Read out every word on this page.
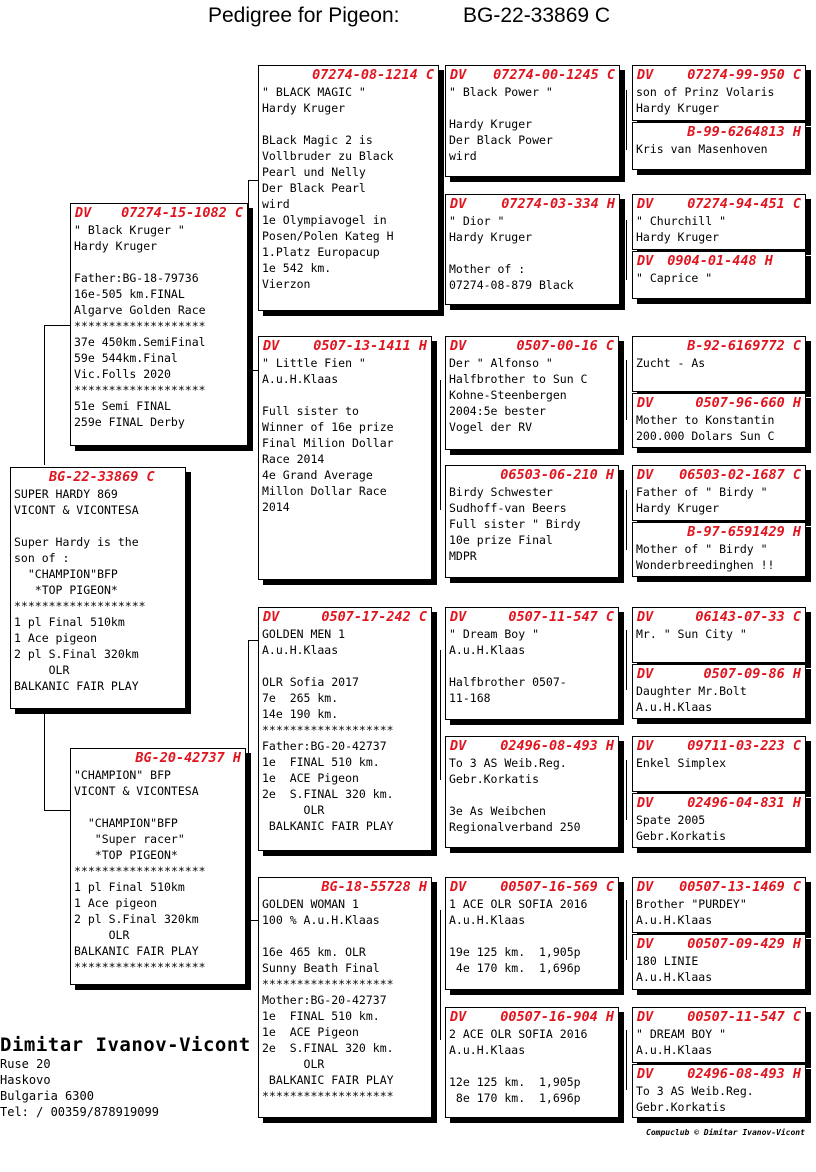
Pedigree for Pigeon:	BG-22-33869 C
BG-22-33869 C
SUPER HARDY 869
VICONT & VICONTESA

Super Hardy is the
son of :
"CHAMPION"BFP
*TOP PIGEON*
*******************
1 pl Final 510km
1 Ace pigeon
2 pl S.Final 320km
OLR
BALKANIC FAIR PLAY
DV 07274-15-1082 C
" Black Kruger "
Hardy Kruger

Father:BG-18-79736
16e-505 km.FINAL
Algarve Golden Race
*******************
37e 450km.SemiFinal
59e 544km.Final
Vic.Folls 2020
*******************
51e Semi FINAL
259e FINAL Derby
BG-20-42737 H
"CHAMPION" BFP
VICONT & VICONTESA

"CHAMPION"BFP
"Super racer"
*TOP PIGEON*
*******************
1 pl Final 510km
1 Ace pigeon
2 pl S.Final 320km
OLR
BALKANIC FAIR PLAY
*******************
07274-08-1214 C
" BLACK MAGIC "
Hardy Kruger

BLack Magic 2 is
Vollbruder zu Black
Pearl und Nelly
Der Black Pearl
wird
1e Olympiavogel in
Posen/Polen Kateg H
1.Platz Europacup
1e 542 km.
Vierzon
DV	0507-13-1411 H
" Little Fien "
A.u.H.Klaas

Full sister to
Winner of 16e prize
Final Milion Dollar
Race 2014
4e Grand Average
Millon Dollar Race
2014
DV	0507-17-242 C
GOLDEN MEN 1
A.u.H.Klaas

OLR Sofia 2017
7e  265 km.
14e 190 km.
*******************
Father:BG-20-42737
1e  FINAL 510 km.
1e  ACE Pigeon
2e  S.FINAL 320 km.
OLR
BALKANIC FAIR PLAY
BG-18-55728 H
GOLDEN WOMAN 1
100 % A.u.H.Klaas

16e 465 km. OLR
Sunny Beath Final
*******************
Mother:BG-20-42737
1e  FINAL 510 km.
1e  ACE Pigeon
2e  S.FINAL 320 km.
OLR
BALKANIC FAIR PLAY
*******************
DV 07274-00-1245 C
" Black Power "

Hardy Kruger
Der Black Power
wird
DV	07274-03-334 H
" Dior "
Hardy Kruger

Mother of :
07274-08-879 Black
DV	0507-00-16 C
Der " Alfonso "
Halfbrother to Sun C
Kohne-Steenbergen
2004:5e bester
Vogel der RV
06503-06-210 H
Birdy Schwester
Sudhoff-van Beers
Full sister " Birdy
10e prize Final
MDPR
DV	0507-11-547 C
" Dream Boy "
A.u.H.Klaas

Halfbrother 0507-
11-168
DV	02496-08-493 H
To 3 AS Weib.Reg.
Gebr.Korkatis

3e As Weibchen
Regionalverband 250
DV	00507-16-569 C
1 ACE OLR SOFIA 2016
A.u.H.Klaas

19e 125 km.  1,905p
4e 170 km.  1,696p
DV	00507-16-904 H
2 ACE OLR SOFIA 2016
A.u.H.Klaas

12e 125 km.  1,905p
8e 170 km.  1,696p
DV	07274-99-950 C
son of Prinz Volaris
Hardy Kruger
B-99-6264813 H
Kris van Masenhoven
DV	07274-94-451 C
" Churchill "
Hardy Kruger
DV 0904-01-448 H
" Caprice "
B-92-6169772 C
Zucht - As
DV	0507-96-660 H
Mother to Konstantin
200.000 Dolars Sun C
DV 06503-02-1687 C
Father of " Birdy "
Hardy Kruger
B-97-6591429 H
Mother of " Birdy "
Wonderbreedinghen !!
DV	06143-07-33 C
Mr. " Sun City "
DV	0507-09-86 H
Daughter Mr.Bolt
A.u.H.Klaas
DV	09711-03-223 C
Enkel Simplex
DV	02496-04-831 H
Spate 2005
Gebr.Korkatis
DV 00507-13-1469 C
Brother "PURDEY"
A.u.H.Klaas
DV	00507-09-429 H
180 LINIE
A.u.H.Klaas
DV	00507-11-547 C
" DREAM BOY "
A.u.H.Klaas
DV	02496-08-493 H
To 3 AS Weib.Reg.
Gebr.Korkatis
Dimitar Ivanov-Vicont
Ruse 20
Haskovo
Bulgaria 6300
Tel: / 00359/878919099
Compuclub © Dimitar Ivanov-Vicont
